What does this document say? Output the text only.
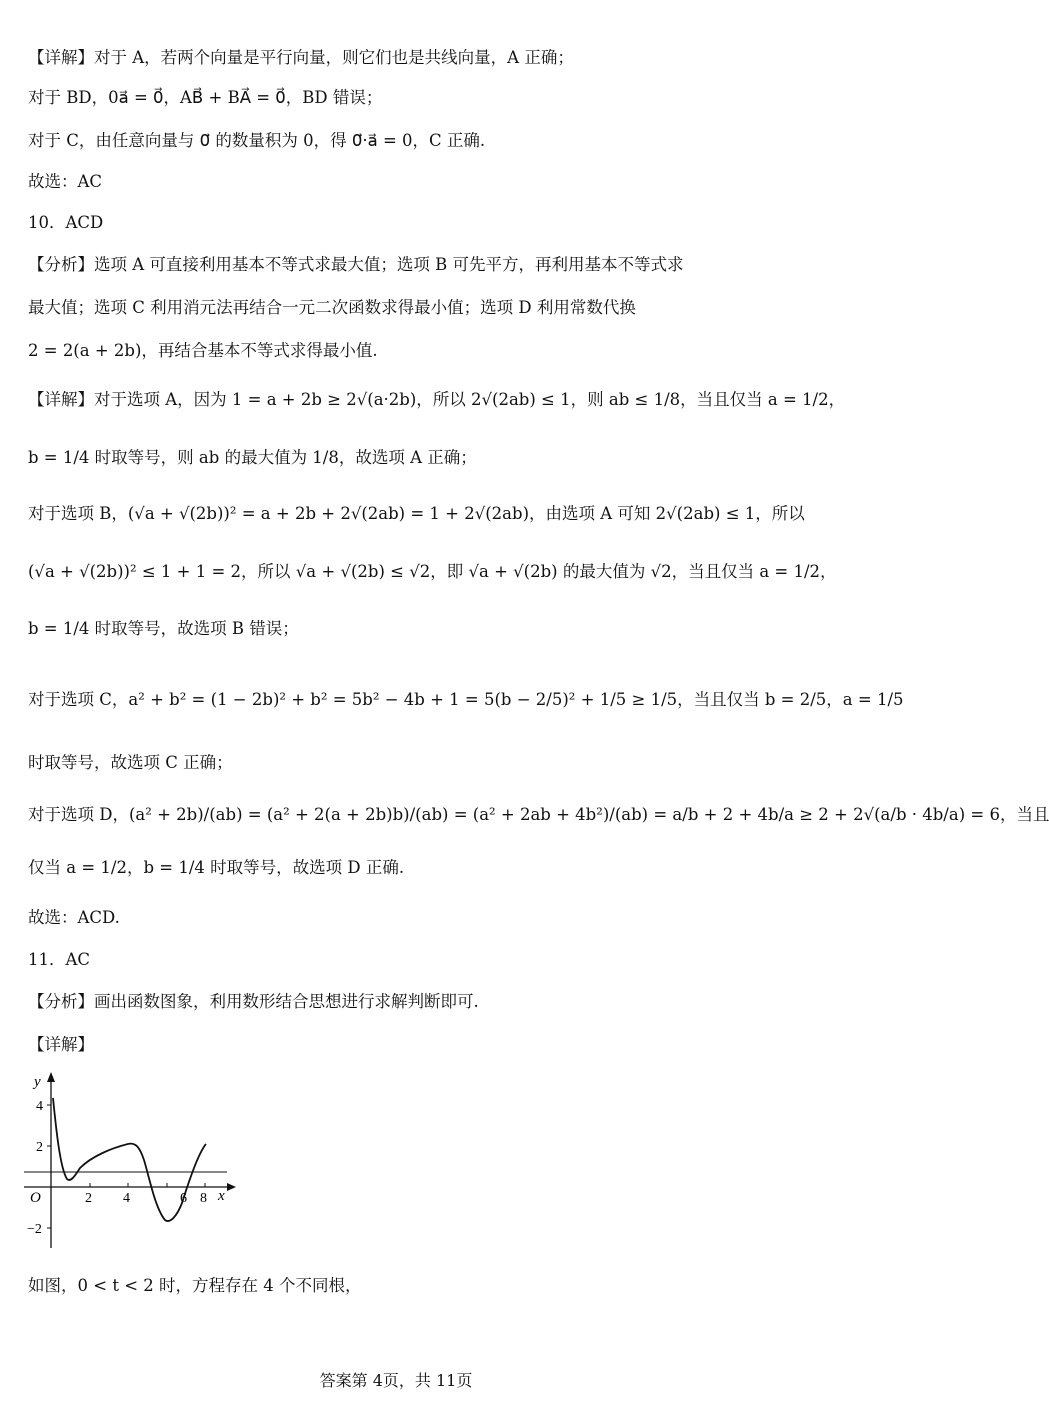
【详解】对于 A，若两个向量是平行向量，则它们也是共线向量，A 正确；
对于 BD，0a⃗ = 0⃗，AB⃗ + BA⃗ = 0⃗，BD 错误；
对于 C，由任意向量与 0⃗ 的数量积为 0，得 0⃗·a⃗ = 0，C 正确.
故选：AC
10．ACD
【分析】选项 A 可直接利用基本不等式求最大值；选项 B 可先平方，再利用基本不等式求
最大值；选项 C 利用消元法再结合一元二次函数求得最小值；选项 D 利用常数代换
2 = 2(a + 2b)，再结合基本不等式求得最小值.
【详解】对于选项 A，因为 1 = a + 2b ≥ 2√(a·2b)，所以 2√(2ab) ≤ 1，则 ab ≤ 1/8，当且仅当 a = 1/2，
b = 1/4 时取等号，则 ab 的最大值为 1/8，故选项 A 正确；
对于选项 B，(√a + √(2b))² = a + 2b + 2√(2ab) = 1 + 2√(2ab)，由选项 A 可知 2√(2ab) ≤ 1，所以
(√a + √(2b))² ≤ 1 + 1 = 2，所以 √a + √(2b) ≤ √2，即 √a + √(2b) 的最大值为 √2，当且仅当 a = 1/2，
b = 1/4 时取等号，故选项 B 错误；
对于选项 C，a² + b² = (1 − 2b)² + b² = 5b² − 4b + 1 = 5(b − 2/5)² + 1/5 ≥ 1/5，当且仅当 b = 2/5，a = 1/5
时取等号，故选项 C 正确；
对于选项 D，(a² + 2b)/(ab) = (a² + 2(a + 2b)b)/(ab) = (a² + 2ab + 4b²)/(ab) = a/b + 2 + 4b/a ≥ 2 + 2√(a/b · 4b/a) = 6，当且
仅当 a = 1/2，b = 1/4 时取等号，故选项 D 正确.
故选：ACD.
11．AC
【分析】画出函数图象，利用数形结合思想进行求解判断即可.
【详解】
如图，0 < t < 2 时，方程存在 4 个不同根，
y
x
O
4
2
−2
2 4	6 8
答案第 4页，共 11页
